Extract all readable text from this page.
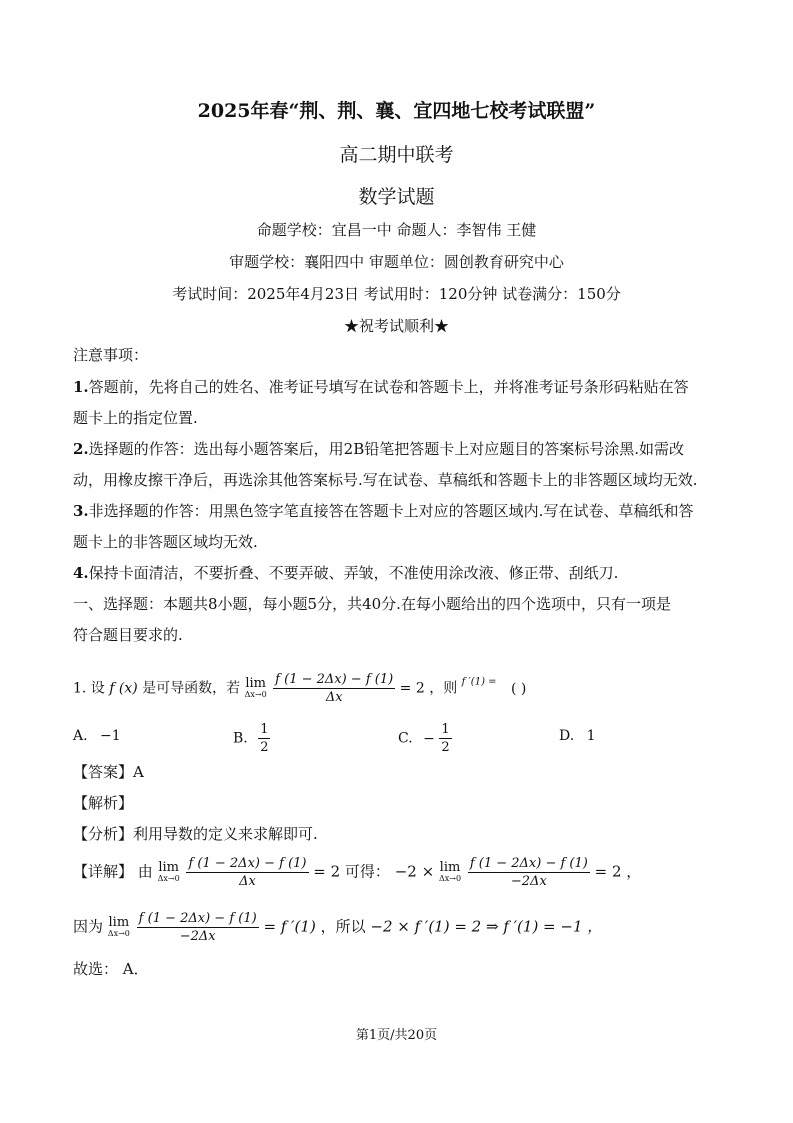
2025年春“荆、荆、襄、宜四地七校考试联盟”
高二期中联考
数学试题
命题学校：宜昌一中 命题人：李智伟 王健
审题学校：襄阳四中 审题单位：圆创教育研究中心
考试时间：2025年4月23日 考试用时：120分钟 试卷满分：150分
★祝考试顺利★
注意事项：
1.答题前，先将自己的姓名、准考证号填写在试卷和答题卡上，并将准考证号条形码粘贴在答
题卡上的指定位置.
2.选择题的作答：选出每小题答案后，用2B铅笔把答题卡上对应题目的答案标号涂黑.如需改
动，用橡皮擦干净后，再选涂其他答案标号.写在试卷、草稿纸和答题卡上的非答题区域均无效.
3.非选择题的作答：用黑色签字笔直接答在答题卡上对应的答题区域内.写在试卷、草稿纸和答
题卡上的非答题区域均无效.
4.保持卡面清洁，不要折叠、不要弄破、弄皱，不准使用涂改液、修正带、刮纸刀.
一、选择题：本题共8小题，每小题5分，共40分.在每小题给出的四个选项中，只有一项是
符合题目要求的.
1. 设 f (x) 是可导函数，若 lim
Δx→0
$\frac{f (1 - 2\Delta x) - f (1)}{\Delta x} = 2$ ，则 $^{f '(1) =}$ ( )
A. −1	B. $\frac{1}{2}$	C. − $\frac{1}{2}$	D. 1
【答案】A
【解析】
【分析】利用导数的定义来求解即可.
【详解】 由 lim
Δx→0
$\frac{f (1 - 2\Delta x) - f (1)}{\Delta x} = 2$ 可得： −2 × lim
Δx→0
$\frac{f (1 - 2\Delta x) - f (1)}{-2\Delta x} = 2$ ，
因为 lim
Δx→0
$\frac{f (1 - 2\Delta x) - f (1)}{-2\Delta x} = f$ ′(1) ，所以 −2 × f ′(1) = 2 ⇒ f ′(1) = −1 ，
故选： A．
第1页/共20页
